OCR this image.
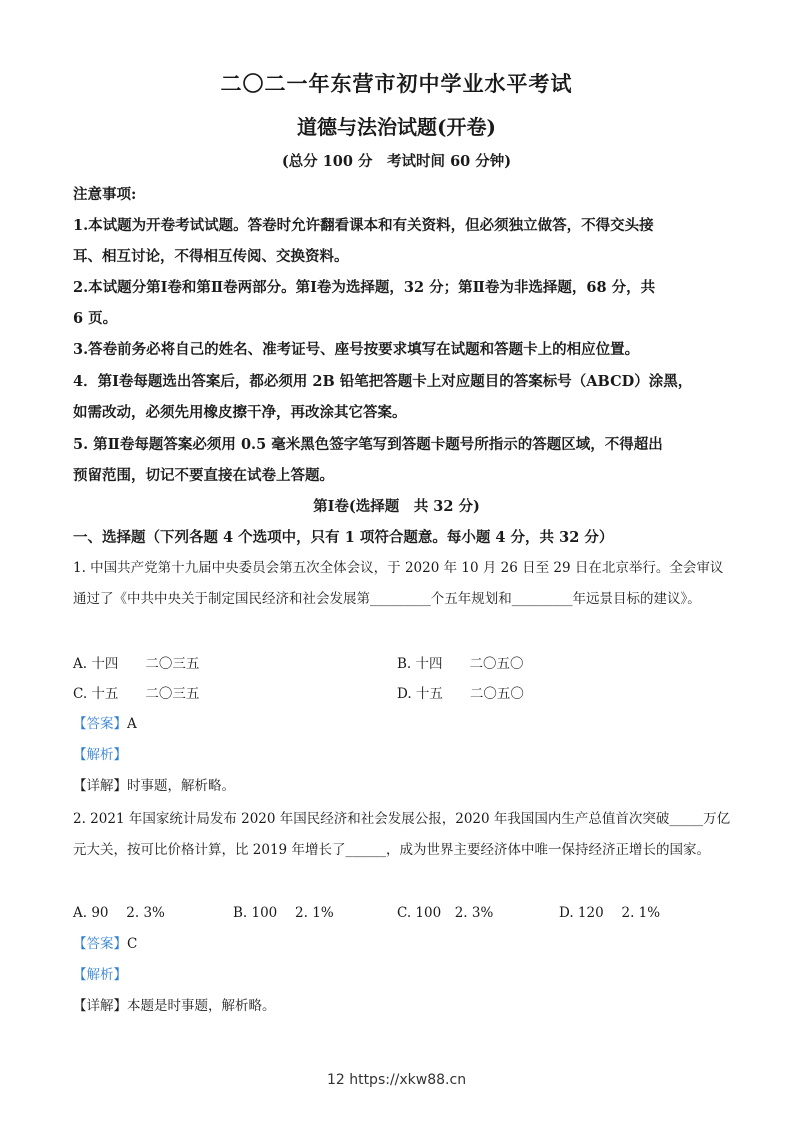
二〇二一年东营市初中学业水平考试
道德与法治试题(开卷)
(总分 100 分　考试时间 60 分钟)
注意事项:
1.本试题为开卷考试试题。答卷时允许翻看课本和有关资料，但必须独立做答，不得交头接
耳、相互讨论，不得相互传阅、交换资料。
2.本试题分第Ⅰ卷和第Ⅱ卷两部分。第Ⅰ卷为选择题，32 分；第Ⅱ卷为非选择题，68 分，共
6 页。
3.答卷前务必将自己的姓名、准考证号、座号按要求填写在试题和答题卡上的相应位置。
4．第Ⅰ卷每题选出答案后，都必须用 2B 铅笔把答题卡上对应题目的答案标号（ABCD）涂黑，
如需改动，必须先用橡皮擦干净，再改涂其它答案。
5. 第Ⅱ卷每题答案必须用 0.5 毫米黑色签字笔写到答题卡题号所指示的答题区域，不得超出
预留范围，切记不要直接在试卷上答题。
第Ⅰ卷(选择题　共 32 分)
一、选择题（下列各题 4 个选项中，只有 1 项符合题意。每小题 4 分，共 32 分）
1. 中国共产党第十九届中央委员会第五次全体会议，于 2020 年 10 月 26 日至 29 日在北京举行。全会审议
通过了《中共中央关于制定国民经济和社会发展第_________个五年规划和_________年远景目标的建议》。
A. 十四　　二〇三五	B. 十四　　二〇五〇
C. 十五　　二〇三五	D. 十五　　二〇五〇
【答案】A
【解析】
【详解】时事题，解析略。
2. 2021 年国家统计局发布 2020 年国民经济和社会发展公报，2020 年我国国内生产总值首次突破_____万亿
元大关，按可比价格计算，比 2019 年增长了______，成为世界主要经济体中唯一保持经济正增长的国家。
A. 90　 2. 3%	B. 100　 2. 1%	C. 100　2. 3%	D. 120　 2. 1%
【答案】C
【解析】
【详解】本题是时事题，解析略。
12 https://xkw88.cn
